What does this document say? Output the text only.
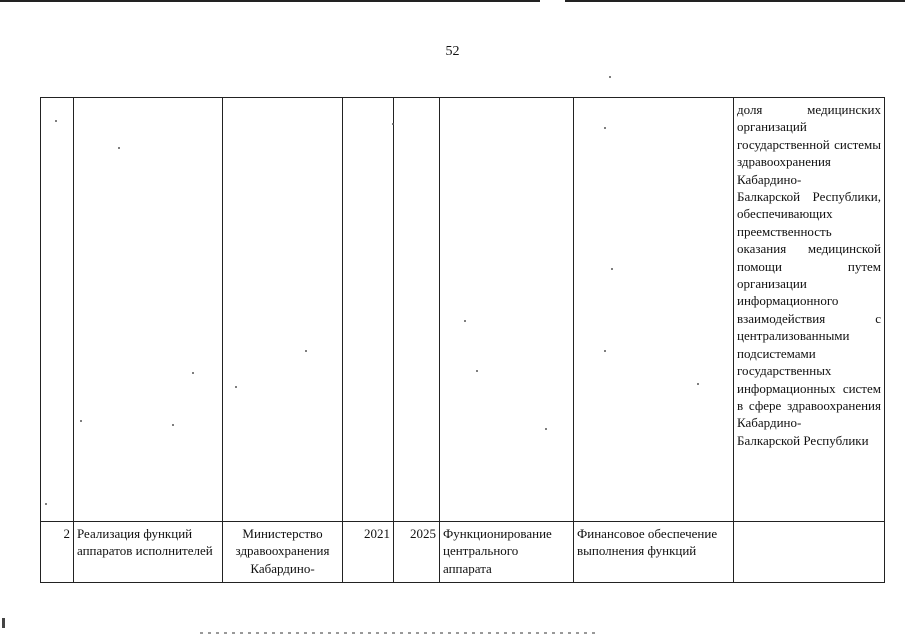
52
							доля медицинских организаций государственной системы здравоохранения Кабардино-
Балкарской Республики, обеспечивающих преемственность оказания медицинской помощи путем организации информационного взаимодействия с централизованными подсистемами государственных информационных систем в сфере здравоохранения Кабардино-
Балкарской Республики
2	Реализация функций аппаратов исполнителей	Министерство здравоохранения Кабардино-	2021	2025	Функционирование центрального аппарата	Финансовое обеспечение выполнения функций	
